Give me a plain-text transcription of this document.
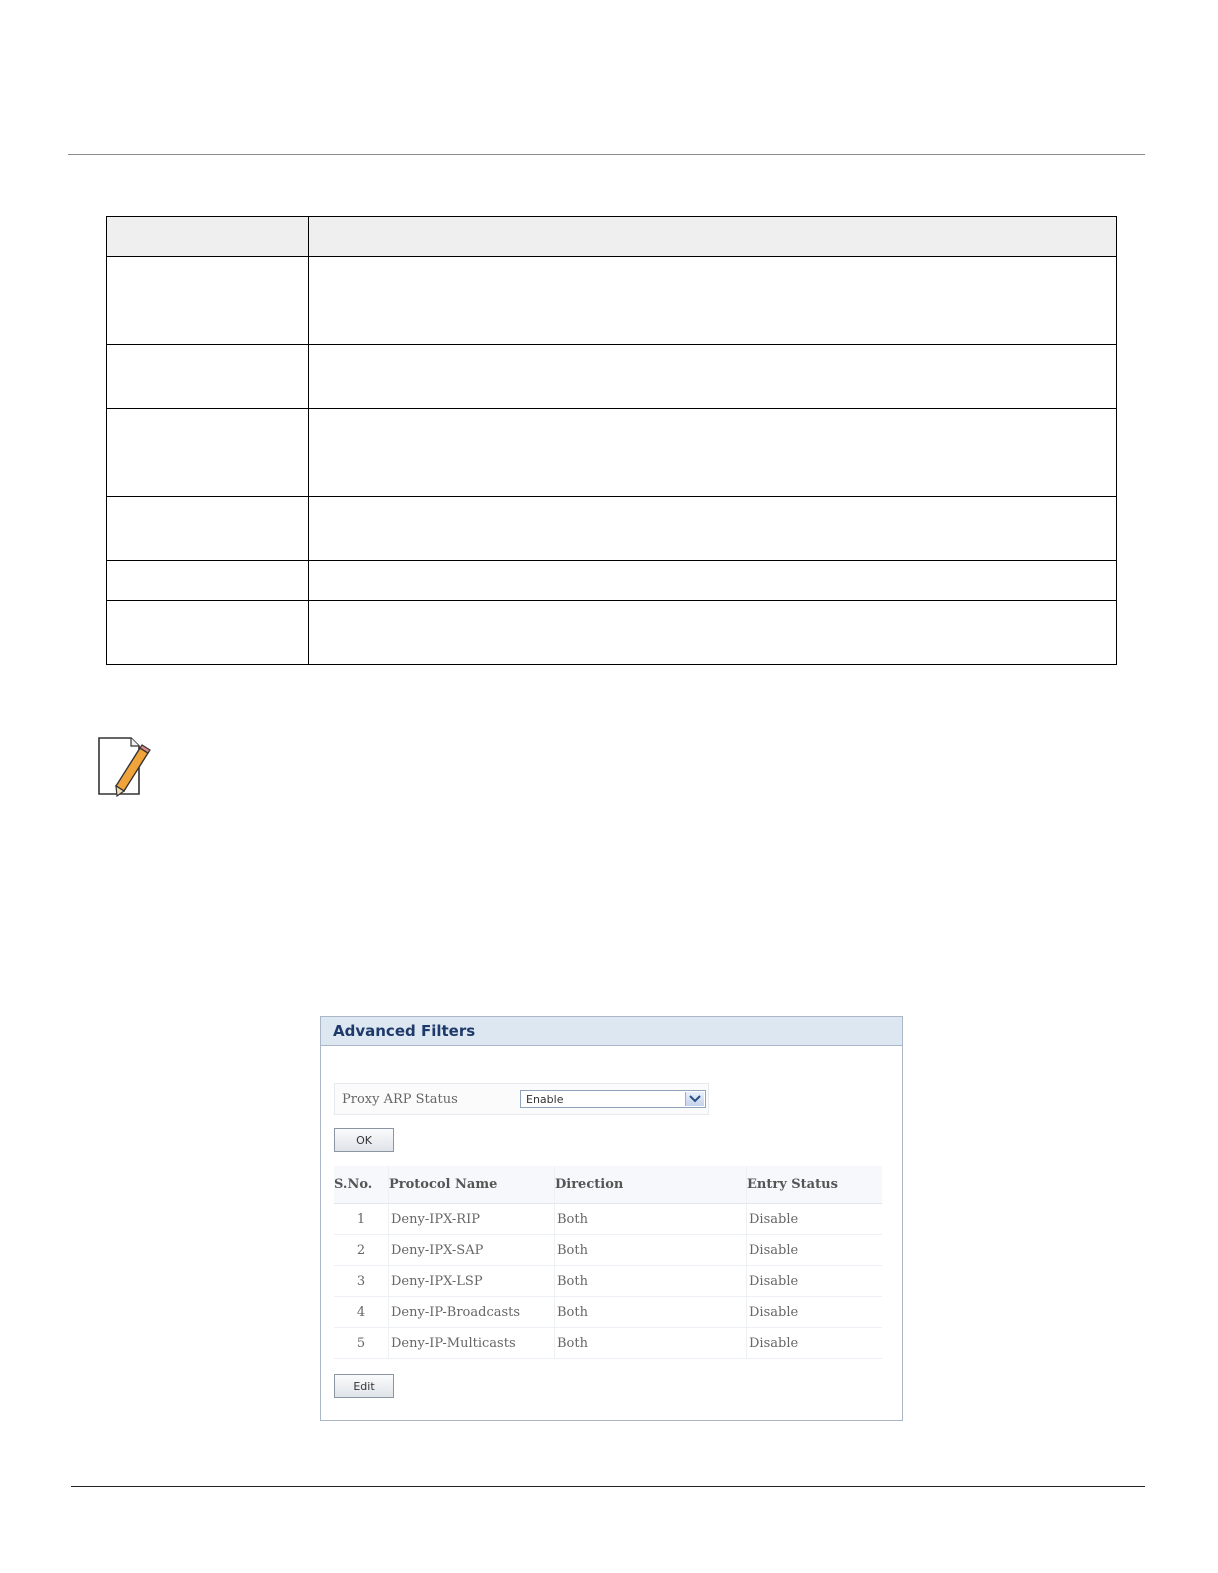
Advanced Filters
Proxy ARP Status	Enable
OK
S.No.	Protocol Name	Direction	Entry Status
1	Deny-IPX-RIP	Both	Disable
2	Deny-IPX-SAP	Both	Disable
3	Deny-IPX-LSP	Both	Disable
4	Deny-IP-Broadcasts	Both	Disable
5	Deny-IP-Multicasts	Both	Disable
Edit
